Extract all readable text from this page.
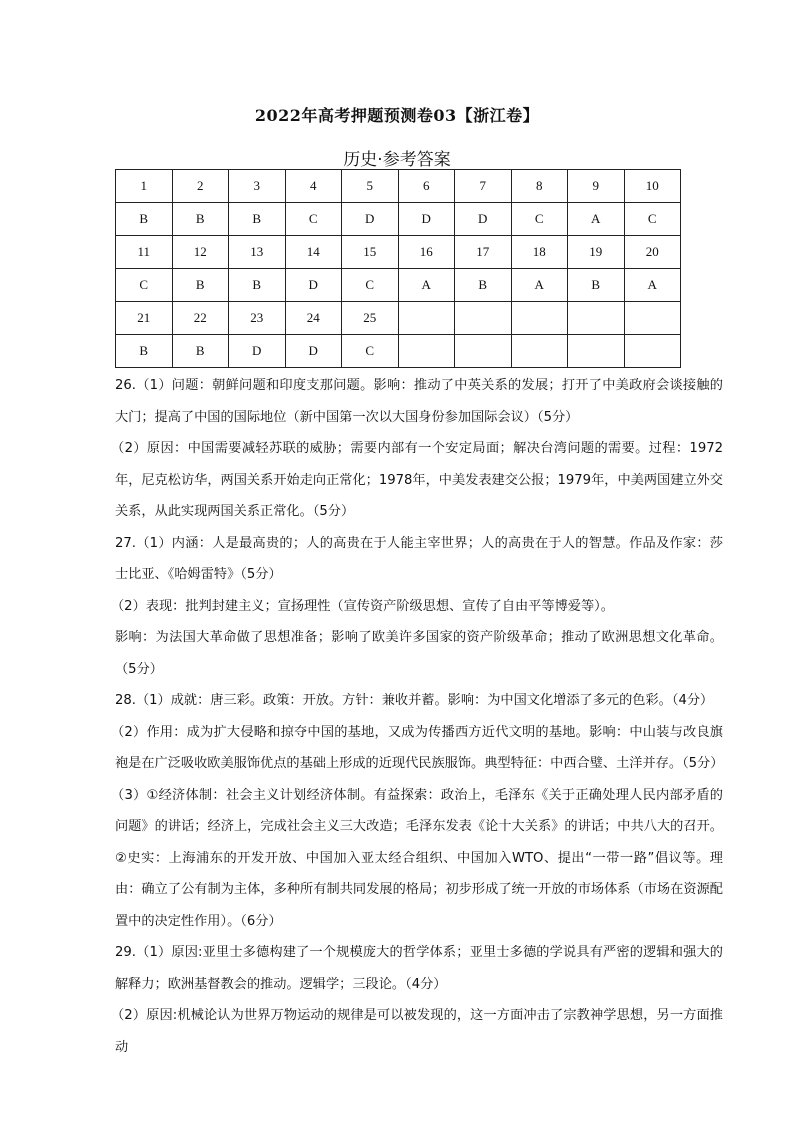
2022年高考押题预测卷03【浙江卷】
历史·参考答案
1	2	3	4	5	6	7	8	9	10
B	B	B	C	D	D	D	C	A	C
11	12	13	14	15	16	17	18	19	20
C	B	B	D	C	A	B	A	B	A
21	22	23	24	25					
B	B	D	D	C					

26.（1）问题：朝鲜问题和印度支那问题。影响：推动了中英关系的发展；打开了中美政府会谈接触的大门；提高了中国的国际地位（新中国第一次以大国身份参加国际会议）（5分）

（2）原因：中国需要减轻苏联的威胁；需要内部有一个安定局面；解决台湾问题的需要。过程：1972年，尼克松访华，两国关系开始走向正常化；1978年，中美发表建交公报；1979年，中美两国建立外交关系，从此实现两国关系正常化。（5分）

27.（1）内涵：人是最高贵的；人的高贵在于人能主宰世界；人的高贵在于人的智慧。作品及作家：莎士比亚、《哈姆雷特》（5分）

（2）表现：批判封建主义；宣扬理性（宣传资产阶级思想、宣传了自由平等博爱等）。

影响：为法国大革命做了思想准备；影响了欧美许多国家的资产阶级革命；推动了欧洲思想文化革命。（5分）

28.（1）成就：唐三彩。政策：开放。方针：兼收并蓄。影响：为中国文化增添了多元的色彩。（4分）

（2）作用：成为扩大侵略和掠夺中国的基地，又成为传播西方近代文明的基地。影响：中山装与改良旗袍是在广泛吸收欧美服饰优点的基础上形成的近现代民族服饰。典型特征：中西合璧、土洋并存。（5分）

（3）①经济体制：社会主义计划经济体制。有益探索：政治上，毛泽东《关于正确处理人民内部矛盾的问题》的讲话；经济上，完成社会主义三大改造；毛泽东发表《论十大关系》的讲话；中共八大的召开。②史实：上海浦东的开发开放、中国加入亚太经合组织、中国加入WTO、提出“一带一路”倡议等。理由：确立了公有制为主体，多种所有制共同发展的格局；初步形成了统一开放的市场体系（市场在资源配置中的决定性作用）。（6分）

29.（1）原因:亚里士多德构建了一个规模庞大的哲学体系；亚里士多德的学说具有严密的逻辑和强大的解释力；欧洲基督教会的推动。逻辑学；三段论。（4分）

（2）原因:机械论认为世界万物运动的规律是可以被发现的，这一方面冲击了宗教神学思想，另一方面推动
